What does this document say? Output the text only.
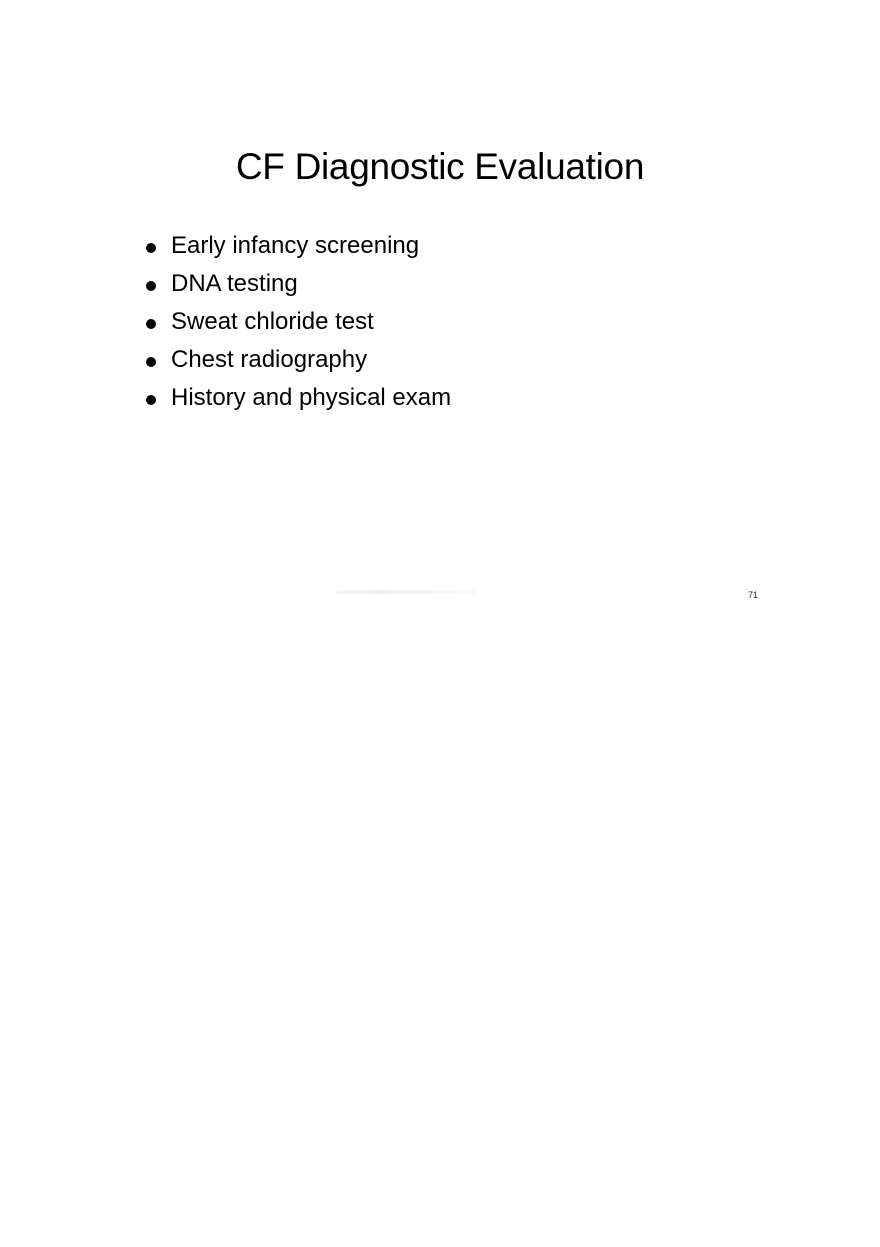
CF Diagnostic Evaluation
Early infancy screening
DNA testing
Sweat chloride test
Chest radiography
History and physical exam
71
